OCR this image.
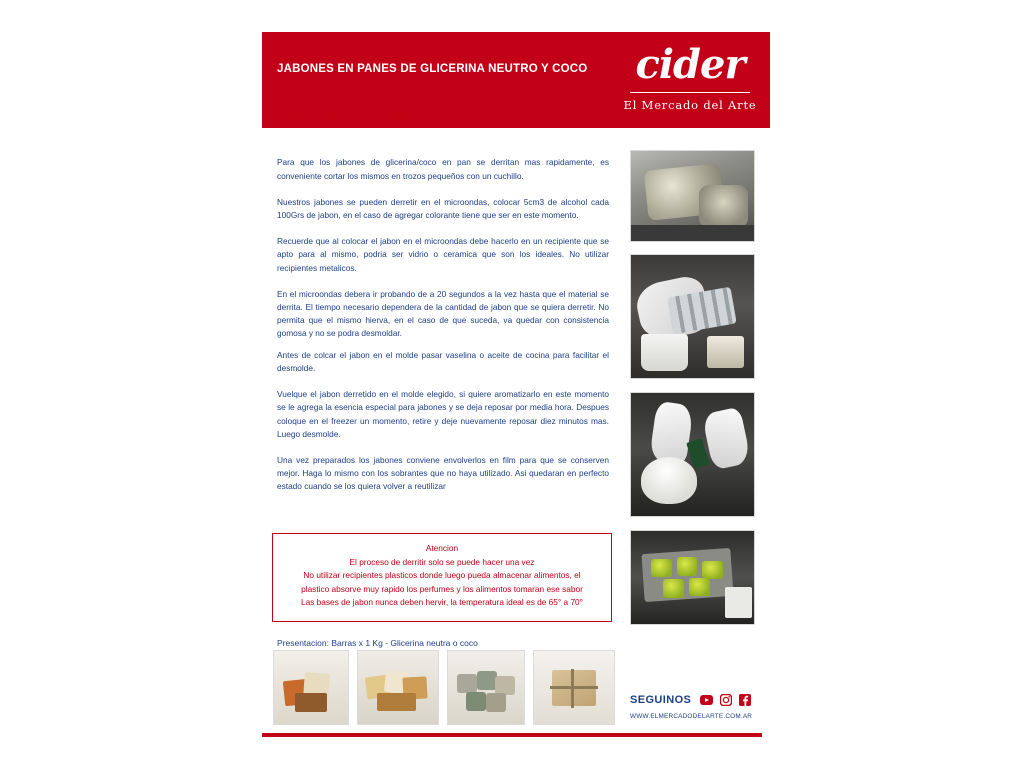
JABONES EN PANES DE GLICERINA NEUTRO Y COCO	cider
El Mercado del Arte
Instrucciones de uso

Para que los jabones de glicerina/coco en pan se derritan mas rapidamente, es conveniente cortar los mismos en trozos pequeños con un cuchillo.

Nuestros jabones se pueden derretir en el microondas, colocar 5cm3 de alcohol cada 100Grs de jabon, en el caso de agregar colorante tiene que ser en este momento.

Recuerde que al colocar el jabon en el microondas debe hacerlo en un recipiente que se apto para al mismo, podria ser vidrio o ceramica que son los ideales. No utilizar recipientes metalicos.

En el microondas debera ir probando de a 20 segundos a la vez hasta que el material se derrita. El tiempo necesario dependera de la cantidad de jabon que se quiera derretir. No permita que el mismo hierva, en el caso de que suceda, va quedar con consistencia gomosa y no se podra desmoldar.

Antes de colcar el jabon en el molde pasar vaselina o aceite de cocina para facilitar el desmolde.

Vuelque el jabon derretido en el molde elegido, si quiere aromatizarlo en este momento se le agrega la esencia especial para jabones y se deja reposar por media hora. Despues coloque en el freezer un momento, retire y deje nuevamente reposar diez minutos mas. Luego desmolde.

Una vez preparados los jabones conviene envolverlos en film para que se conserven mejor. Haga lo mismo con los sobrantes que no haya utilizado. Asi quedaran en perfecto estado cuando se los quiera volver a reutilizar

Atencion
El proceso de derritir solo se puede hacer una vez
No utilizar recipientes plasticos donde luego pueda almacenar alimentos, el
plastico absorve muy rapido los perfumes y los alimentos tomaran ese sabor
Las bases de jabon nunca deben hervir, la temperatura ideal es de 65° a 70°
Presentacion: Barras x 1 Kg - Glicerina neutra o coco
SEGUINOS
WWW.ELMERCADODELARTE.COM.AR
